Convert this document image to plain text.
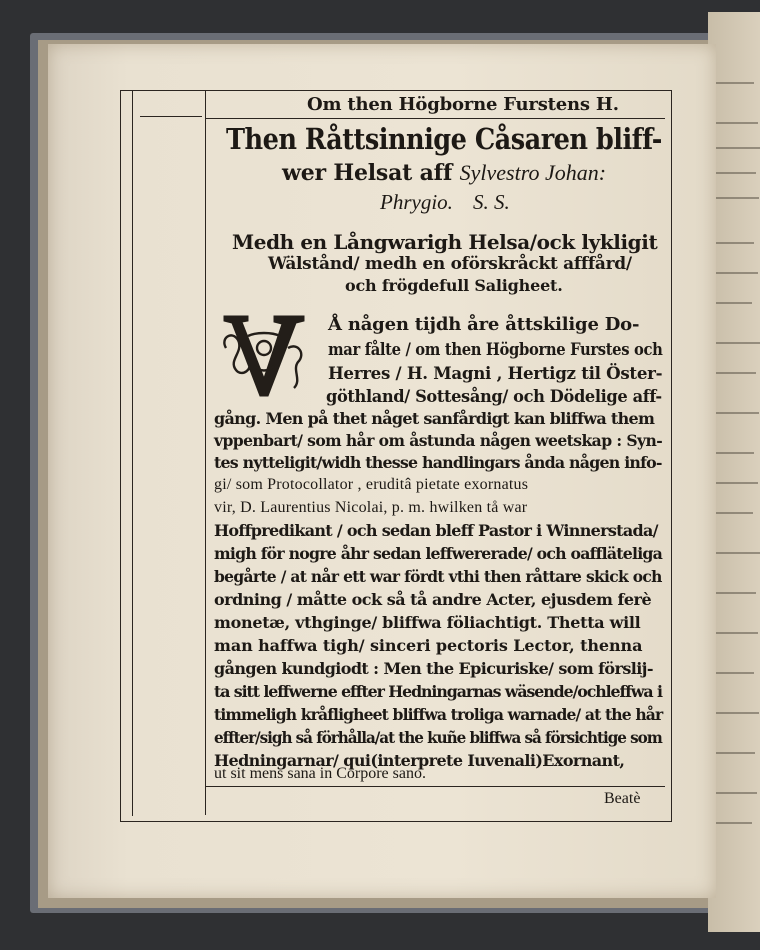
Om then Högborne Furstens H.
Then Råttsinnige Cåsaren bliff-
wer Helsat aff Sylvestro Johan:
Phrygio. S. S.
Medh en Långwarigh Helsa/ock lykligit
Wälstånd/ medh en oförskråckt afffård/
och frögdefull Saligheet.
V
Å någen tijdh åre åttskilige Do-
mar fålte / om then Högborne Furstes och
Herres / H. Magni , Hertigz til Öster-
göthland/ Sottesång/ och Dödelige aff-
gång. Men på thet någet sanfårdigt kan bliffwa them
vppenbart/ som hår om åstunda någen weetskap : Syn-
tes nytteligit/widh thesse handlingars ånda någen info-
gi/ som Protocollator , eruditâ pietate exornatus
vir, D. Laurentius Nicolai, p. m. hwilken tå war
Hoffpredikant / och sedan bleff Pastor i Winnerstada/
migh för nogre åhr sedan leffwererade/ och oaffläteliga
begårte / at når ett war fördt vthi then råttare skick och
ordning / måtte ock så tå andre Acter, ejusdem ferè
monetæ, vthginge/ bliffwa föliachtigt. Thetta will
man haffwa tigh/ sinceri pectoris Lector, thenna
gången kundgiodt : Men the Epicuriske/ som förslij-
ta sitt leffwerne effter Hedningarnas wäsende/ochleffwa i
timmeligh kråfligheet bliffwa troliga warnade/ at the hår
effter/sigh så förhålla/at the kuñe bliffwa så försichtige som
Hedningarnar/ qui(interprete Iuvenali)Exornant,
ut sit mens sana in Corpore sano.
Beatè
